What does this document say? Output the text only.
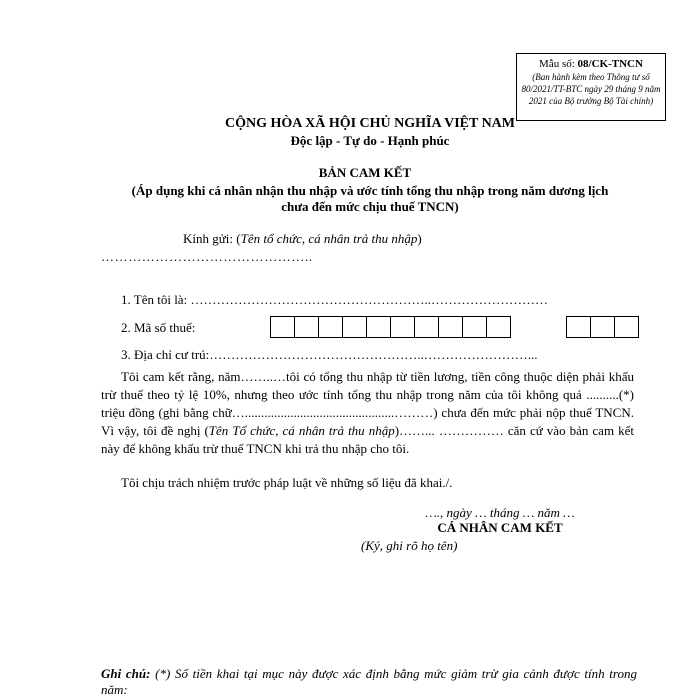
Mẫu số: 08/CK-TNCN
(Ban hành kèm theo Thông tư số
80/2021/TT-BTC ngày 29 tháng 9 năm
2021 của Bộ trưởng Bộ Tài chính)
CỘNG HÒA XÃ HỘI CHỦ NGHĨA VIỆT NAM
Độc lập - Tự do - Hạnh phúc
BẢN CAM KẾT
(Áp dụng khi cá nhân nhận thu nhập và ước tính tổng thu nhập trong năm dương lịch
chưa đến mức chịu thuế TNCN)
Kính gửi: (Tên tổ chức, cá nhân trả thu nhập)
………………………………………..
1. Tên tôi là: ………………………………………………..………………………
2. Mã số thuế:
3. Địa chỉ cư trú:…………………………………………..……………………...
Tôi cam kết rằng, năm……..…tôi có tổng thu nhập từ tiền lương, tiền công thuộc diện phải khấu trừ thuế theo tỷ lệ 10%, nhưng theo ước tính tổng thu nhập trong năm của tôi không quá ..........(*) triệu đồng (ghi bằng chữ…..............................................………) chưa đến mức phải nộp thuế TNCN. Vì vậy, tôi đề nghị (Tên Tổ chức, cá nhân trả thu nhập)……... …………… căn cứ vào bản cam kết này để không khấu trừ thuế TNCN khi trả thu nhập cho tôi.
Tôi chịu trách nhiệm trước pháp luật về những số liệu đã khai./.
…., ngày … tháng … năm …
CÁ NHÂN CAM KẾT
(Ký, ghi rõ họ tên)
Ghi chú: (*) Số tiền khai tại mục này được xác định bằng mức giảm trừ gia cảnh được tính trong năm:
